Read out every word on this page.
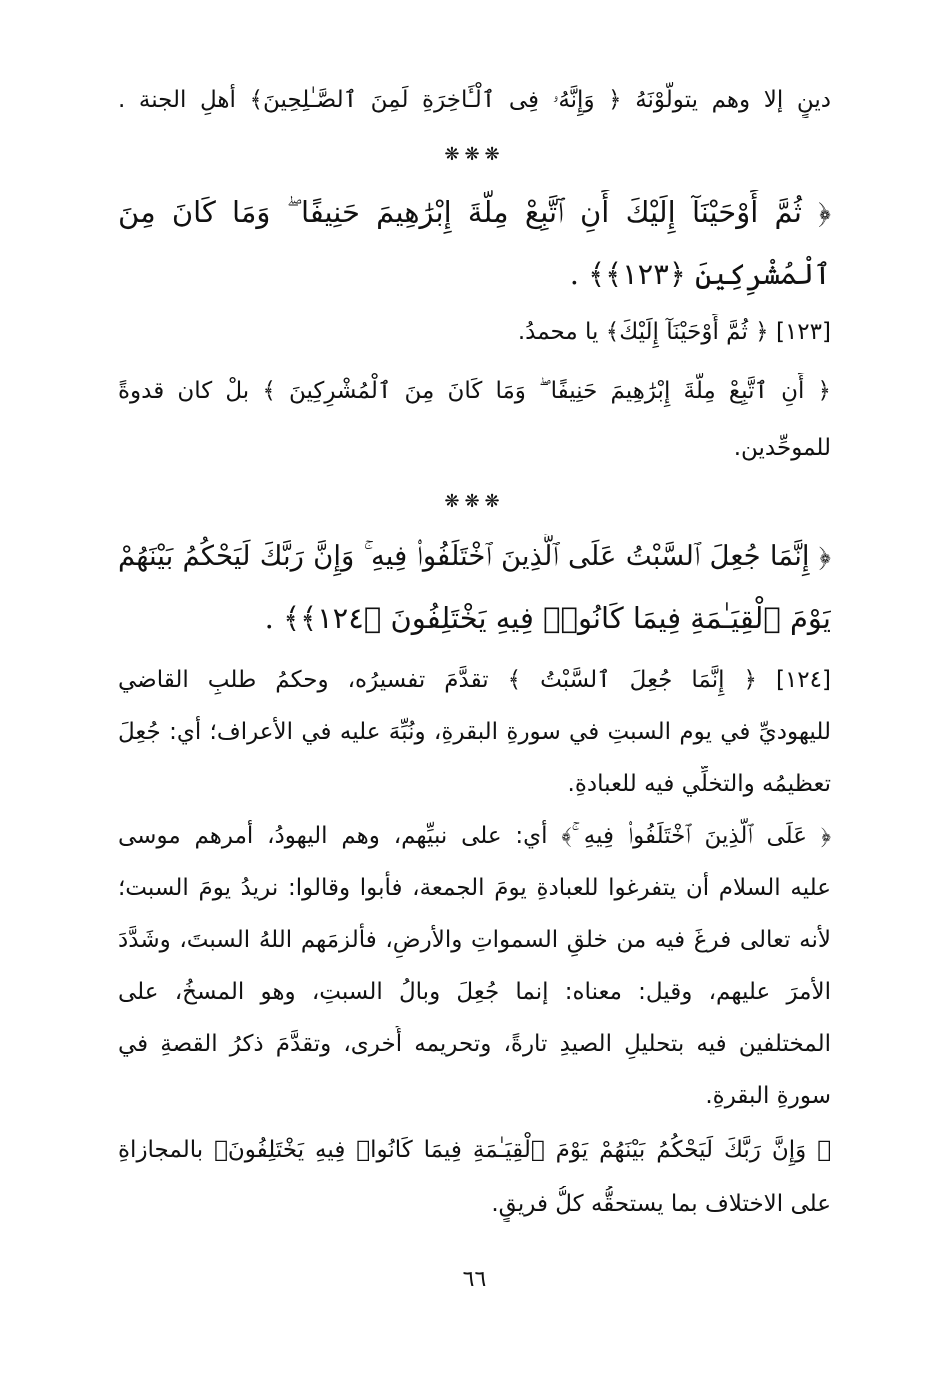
دينٍ إلا وهم يتولَّوْنَهُ ﴿ وَإِنَّهُۥ فِى ٱلْـَٔاخِرَةِ لَمِنَ ٱلصَّـٰلِحِينَ﴾ أهلِ الجنة .
❋❋❋
﴿ ثُمَّ أَوْحَيْنَآ إِلَيْكَ أَنِ ٱتَّبِعْ مِلَّةَ إِبْرَٰهِيمَ حَنِيفًا ۖ وَمَا كَانَ مِنَ
ٱلْمُشْرِكِينَ ﴿١٢٣﴾﴾ .
[١٢٣] ﴿ ثُمَّ أَوْحَيْنَآ إِلَيْكَ﴾ يا محمدُ.
﴿ أَنِ ٱتَّبِعْ مِلَّةَ إِبْرَٰهِيمَ حَنِيفًا ۖ وَمَا كَانَ مِنَ ٱلْمُشْرِكِينَ ﴾ بلْ كان قدوةً
للموحِّدين.
❋❋❋
﴿ إِنَّمَا جُعِلَ ٱلسَّبْتُ عَلَى ٱلَّذِينَ ٱخْتَلَفُوا۟ فِيهِ ۚ وَإِنَّ رَبَّكَ لَيَحْكُمُ بَيْنَهُمْ
يَوْمَ ٱلْقِيَـٰمَةِ فِيمَا كَانُوا۟ فِيهِ يَخْتَلِفُونَ ﴿١٢٤﴾﴾ .
[١٢٤] ﴿ إِنَّمَا جُعِلَ ٱلسَّبْتُ ﴾ تقدَّمَ تفسيرُه، وحكمُ طلبِ القاضي
لليهوديِّ في يوم السبتِ في سورةِ البقرةِ، ونُبِّهَ عليه في الأعراف؛ أي: جُعِلَ
تعظيمُه والتخلِّي فيه للعبادةِ.
﴿ عَلَى ٱلَّذِينَ ٱخْتَلَفُوا۟ فِيهِ ۚ﴾ أي: على نبيِّهم، وهم اليهودُ، أمرهم موسى
عليه السلام أن يتفرغوا للعبادةِ يومَ الجمعة، فأبوا وقالوا: نريدُ يومَ السبت؛
لأنه تعالى فرغَ فيه من خلقِ السمواتِ والأرضِ، فألزمَهم اللهُ السبتَ، وشَدَّدَ
الأمرَ عليهم، وقيل: معناه: إنما جُعِلَ وبالُ السبتِ، وهو المسخُ، على
المختلفين فيه بتحليلِ الصيدِ تارةً، وتحريمه أُخرى، وتقدَّمَ ذكرُ القصةِ في
سورةِ البقرةِ.
﴿ وَإِنَّ رَبَّكَ لَيَحْكُمُ بَيْنَهُمْ يَوْمَ ٱلْقِيَـٰمَةِ فِيمَا كَانُوا۟ فِيهِ يَخْتَلِفُونَ﴾ بالمجازاةِ
على الاختلاف بما يستحقُّه كلُّ فريقٍ.
٦٦
